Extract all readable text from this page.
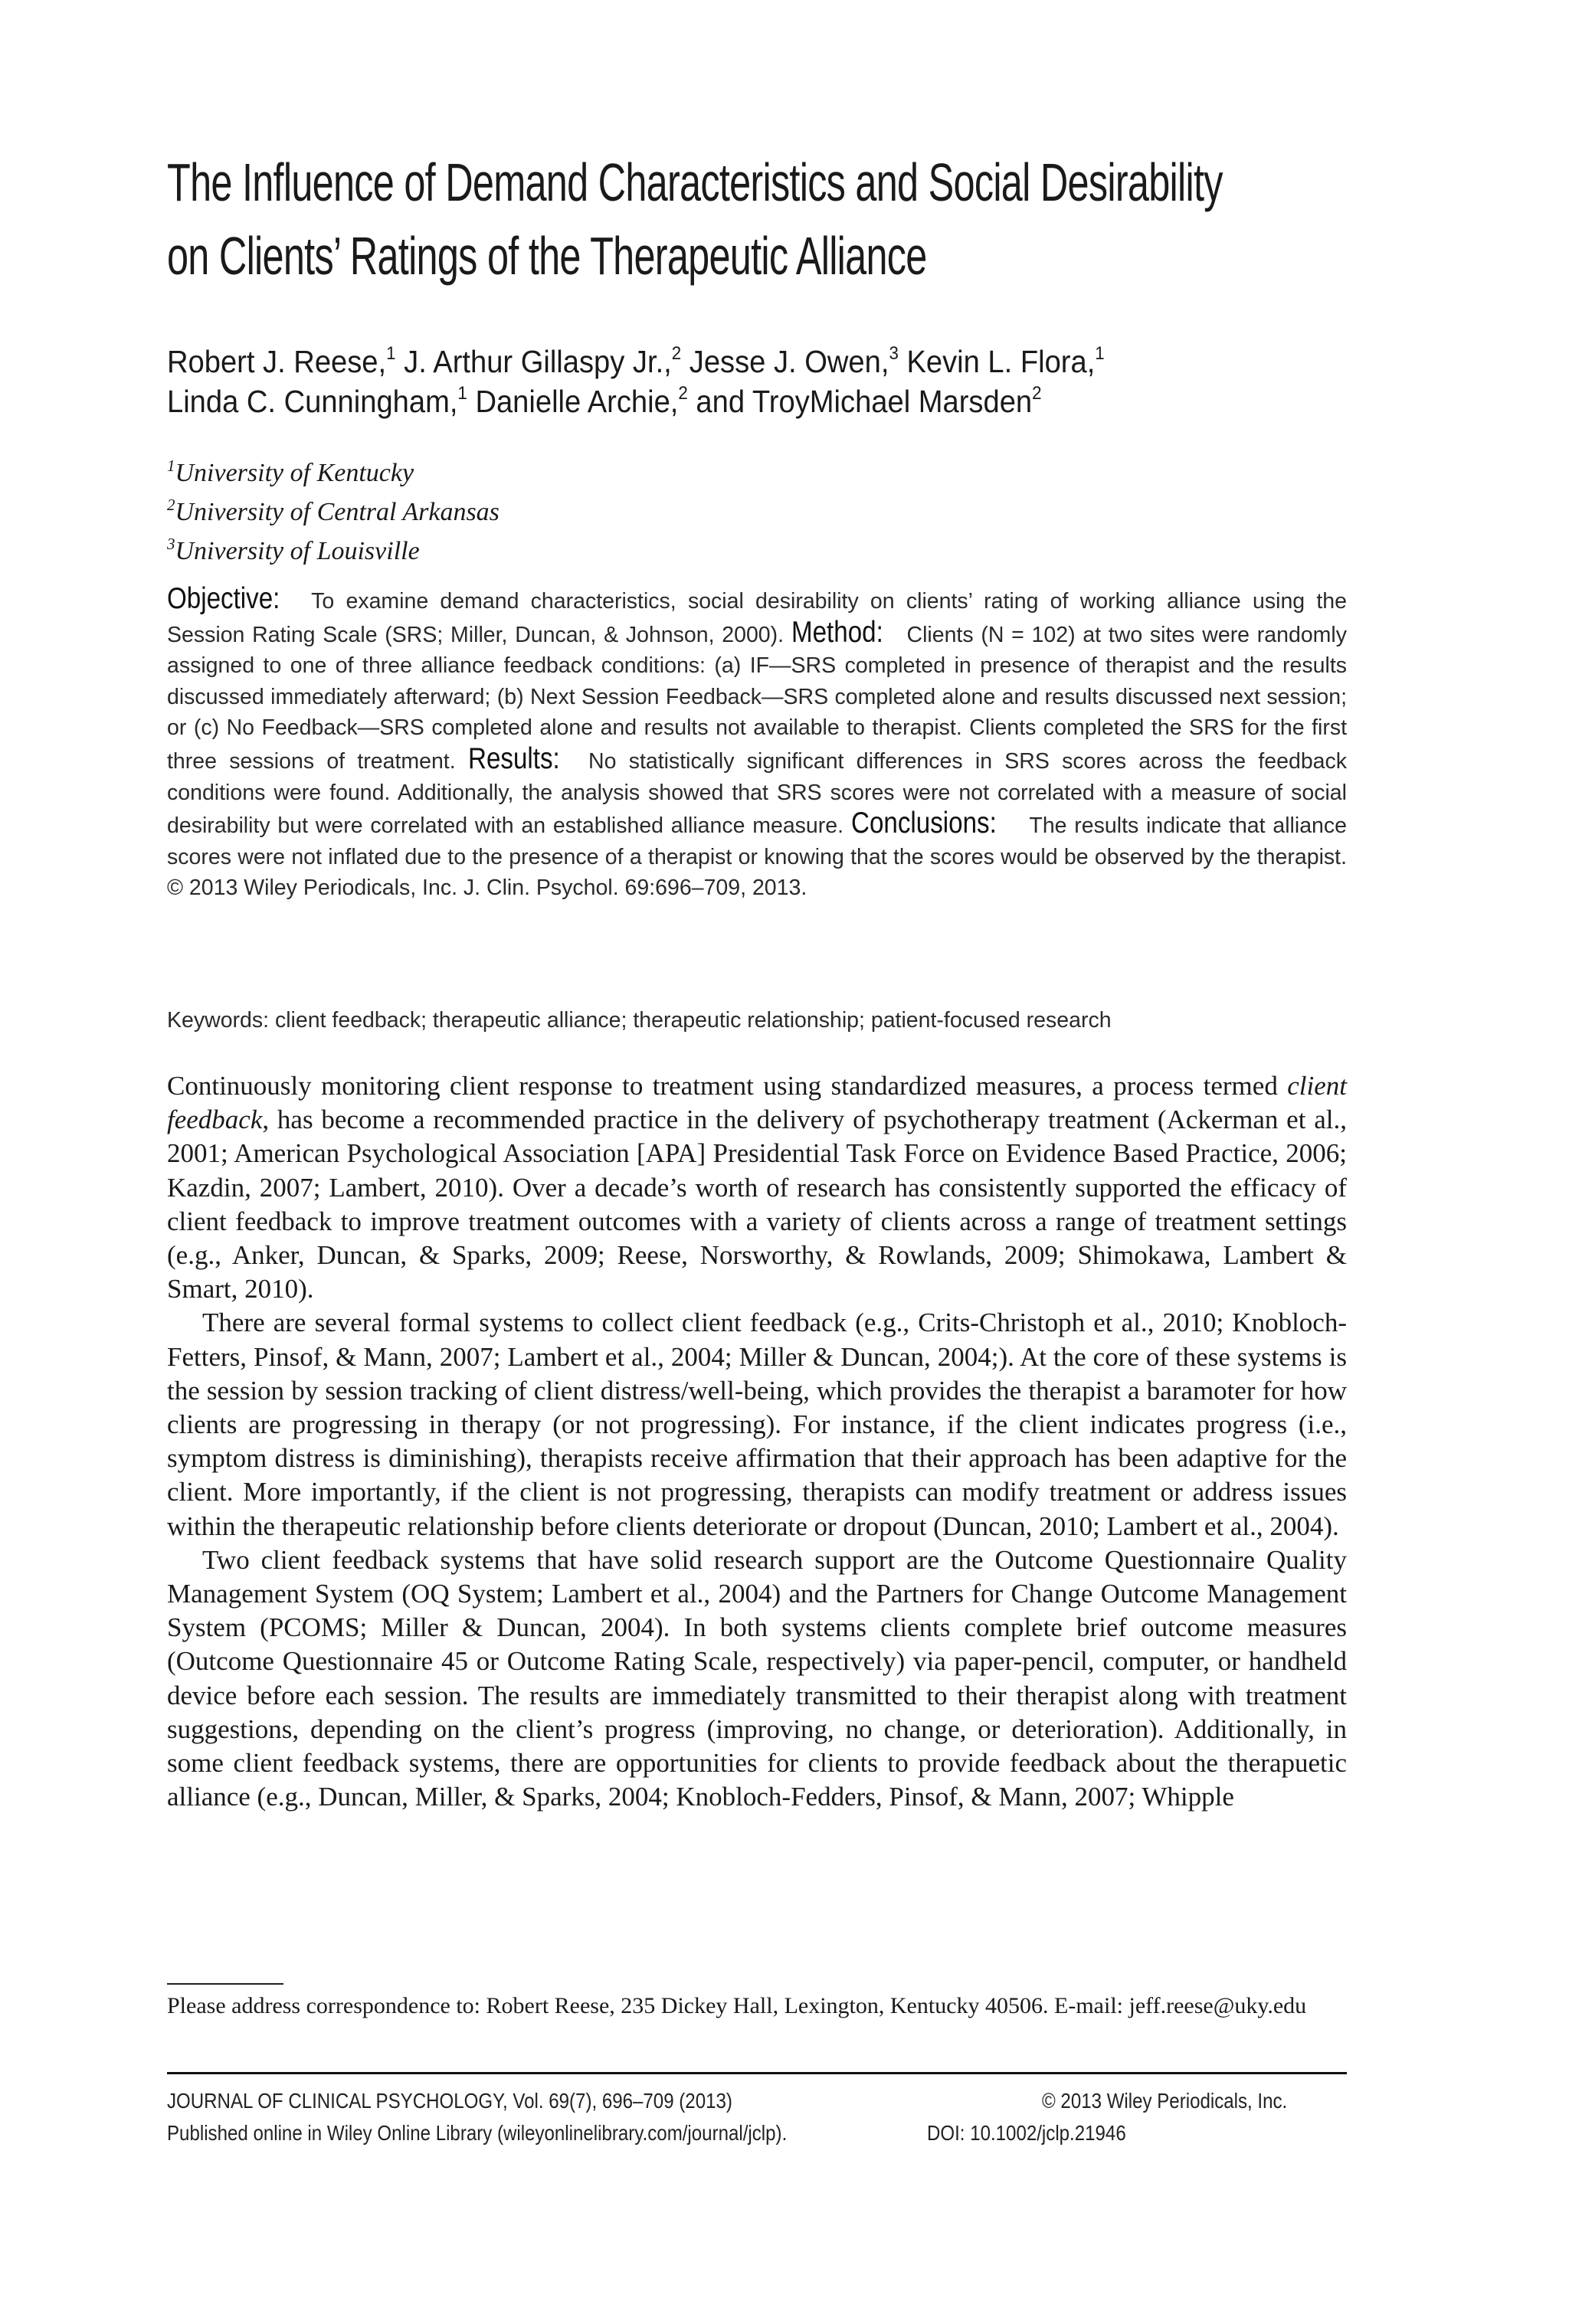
The Influence of Demand Characteristics and Social Desirability
on Clients’ Ratings of the Therapeutic Alliance
Robert J. Reese,$^1$ J. Arthur Gillaspy Jr.,$^2$ Jesse J. Owen,$^3$ Kevin L. Flora,$^1$
Linda C. Cunningham,$^1$ Danielle Archie,$^2$ and TroyMichael Marsden$^2$
$^1$University of Kentucky
$^2$University of Central Arkansas
$^3$University of Louisville
Objective: To examine demand characteristics, social desirability on clients’ rating of working alliance using the Session Rating Scale (SRS; Miller, Duncan, & Johnson, 2000). Method: Clients (N = 102) at two sites were randomly assigned to one of three alliance feedback conditions: (a) IF—SRS completed in presence of therapist and the results discussed immediately afterward; (b) Next Session Feedback—SRS completed alone and results discussed next session; or (c) No Feedback—SRS completed alone and results not available to therapist. Clients completed the SRS for the first three sessions of treatment. Results: No statistically significant differences in SRS scores across the feedback conditions were found. Additionally, the analysis showed that SRS scores were not correlated with a measure of social desirability but were correlated with an established alliance measure. Conclusions: The results indicate that alliance scores were not inflated due to the presence of a therapist or knowing that the scores would be observed by the therapist. © 2013 Wiley Periodicals, Inc. J. Clin. Psychol. 69:696–709, 2013.
Keywords: client feedback; therapeutic alliance; therapeutic relationship; patient-focused research

Continuously monitoring client response to treatment using standardized measures, a process termed client feedback, has become a recommended practice in the delivery of psychotherapy treatment (Ackerman et al., 2001; American Psychological Association [APA] Presidential Task Force on Evidence Based Practice, 2006; Kazdin, 2007; Lambert, 2010). Over a decade’s worth of research has consistently supported the efficacy of client feedback to improve treatment outcomes with a variety of clients across a range of treatment settings (e.g., Anker, Duncan, & Sparks, 2009; Reese, Norsworthy, & Rowlands, 2009; Shimokawa, Lambert & Smart, 2010).

There are several formal systems to collect client feedback (e.g., Crits-Christoph et al., 2010; Knobloch-Fetters, Pinsof, & Mann, 2007; Lambert et al., 2004; Miller & Duncan, 2004;). At the core of these systems is the session by session tracking of client distress/well-being, which provides the therapist a baramoter for how clients are progressing in therapy (or not progressing). For instance, if the client indicates progress (i.e., symptom distress is diminishing), therapists receive affirmation that their approach has been adaptive for the client. More importantly, if the client is not progressing, therapists can modify treatment or address issues within the therapeutic relationship before clients deteriorate or dropout (Duncan, 2010; Lambert et al., 2004).

Two client feedback systems that have solid research support are the Outcome Questionnaire Quality Management System (OQ System; Lambert et al., 2004) and the Partners for Change Outcome Management System (PCOMS; Miller & Duncan, 2004). In both systems clients complete brief outcome measures (Outcome Questionnaire 45 or Outcome Rating Scale, respectively) via paper-pencil, computer, or handheld device before each session. The results are immediately transmitted to their therapist along with treatment suggestions, depending on the client’s progress (improving, no change, or deterioration). Additionally, in some client feedback systems, there are opportunities for clients to provide feedback about the therapuetic alliance (e.g., Duncan, Miller, & Sparks, 2004; Knobloch-Fedders, Pinsof, & Mann, 2007; Whipple

Please address correspondence to: Robert Reese, 235 Dickey Hall, Lexington, Kentucky 40506. E-mail: jeff.reese@uky.edu
JOURNAL OF CLINICAL PSYCHOLOGY, Vol. 69(7), 696–709 (2013)	© 2013 Wiley Periodicals, Inc.
Published online in Wiley Online Library (wileyonlinelibrary.com/journal/jclp).	DOI: 10.1002/jclp.21946
